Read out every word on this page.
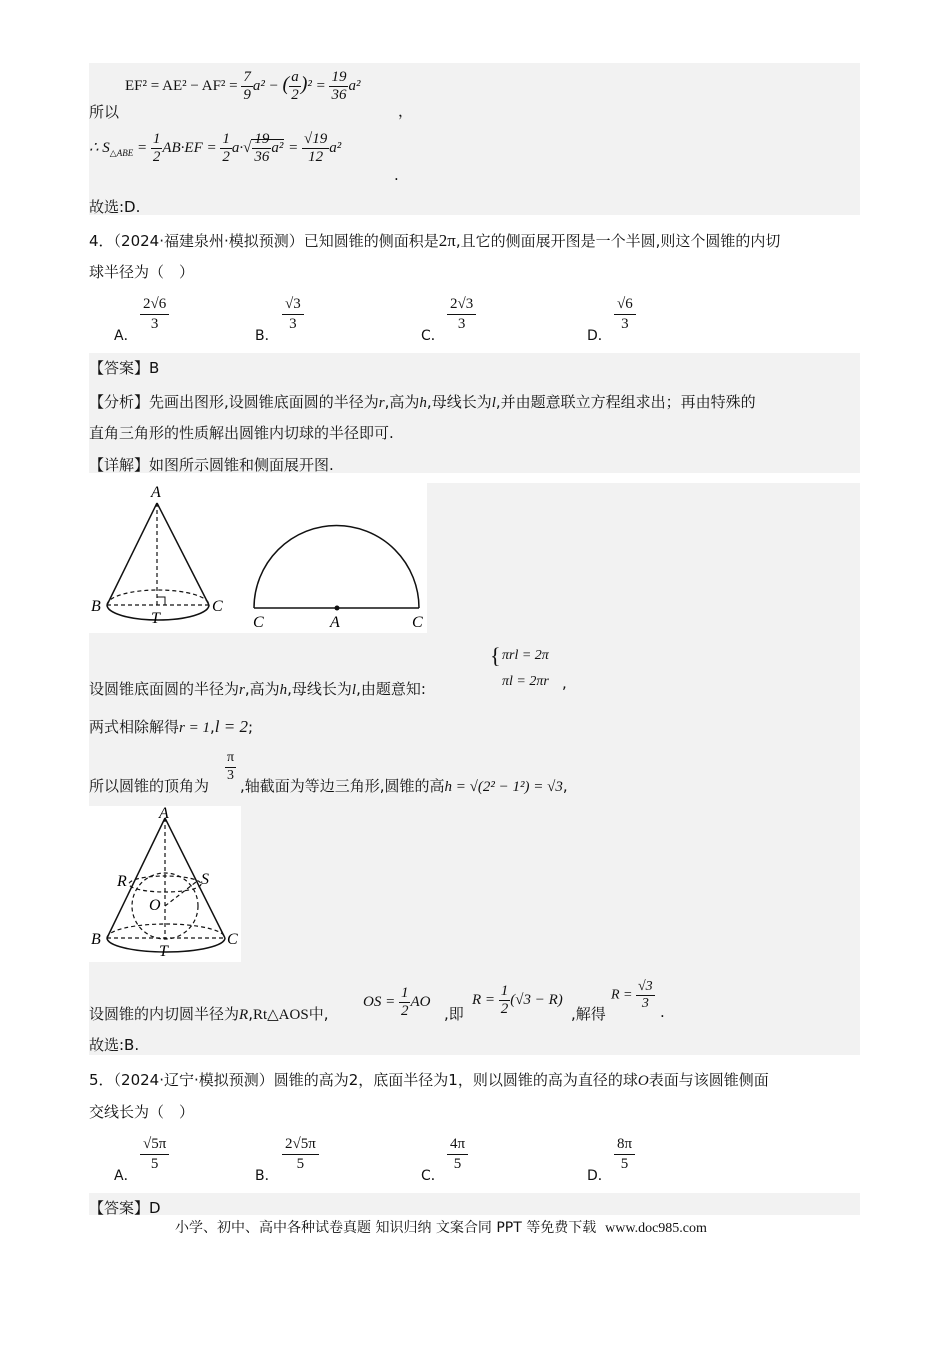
$EF^2 = AE^2 - AF^2 = \frac{7}{9} a^2$ − ( $\frac{a}{2} )^2 = \frac{19}{36} a^2$
所以	，
∴ $S_{\triangle ABE} = \frac{1}{2} AB\cdot EF = \frac{1}{2} a\cdot√ \frac{19}{36} a^2 = \frac{√19}{12} a^2$
.
故选:D.
4．（2024·福建泉州·模拟预测）已知圆锥的侧面积是2π,且它的侧面展开图是一个半圆,则这个圆锥的内切
球半径为（　）
A．
2√6
3
B．
√3
3
C．
2√3
3
D．
√6
3
【答案】B
【分析】先画出图形,设圆锥底面圆的半径为r,高为h,母线长为l,并由题意联立方程组求出；再由特殊的
直角三角形的性质解出圆锥内切球的半径即可.
【详解】如图所示圆锥和侧面展开图.
A
B	C
T	C	A	C
设圆锥底面圆的半径为r,高为h,母线长为l,由题意知:
{ πrl = 2π
πl = 2πr ,
两式相除解得r = 1,l = 2;
所以圆锥的顶角为
π
3
,轴截面为等边三角形,圆锥的高h = √(2² − 1²) = √3,
A
R	S
O
B	C
T
设圆锥的内切圆半径为R,Rt△AOS中,
OS = $\frac{1}{2}$ AO
,即
$R = \frac{1}{2} (√3 - R)$
,解得
$R = \frac{√3}{3}$
.
故选:B.
5．（2024·辽宁·模拟预测）圆锥的高为2，底面半径为1，则以圆锥的高为直径的球O表面与该圆锥侧面
交线长为（　）
A．
√5π
5
B．
2√5π
5
C．
4π
5
D．
8π
5
【答案】D
小学、初中、高中各种试卷真题 知识归纳 文案合同 PPT 等免费下载 www.doc985.com
